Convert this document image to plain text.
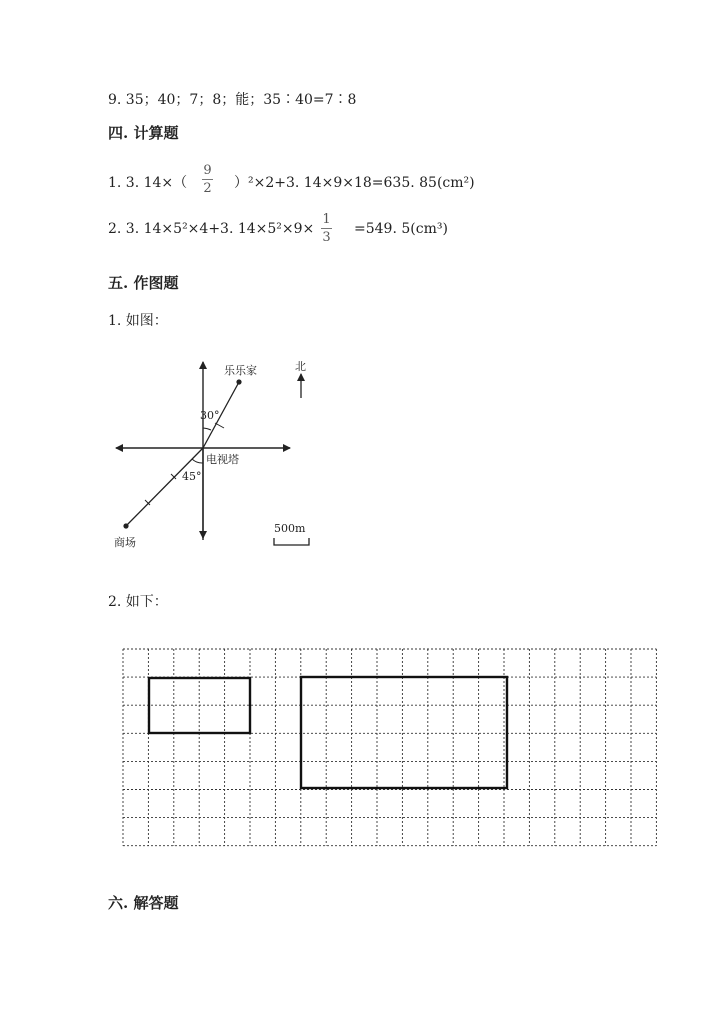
9. 35；40；7；8；能；35∶40=7∶8
四. 计算题
1. 3. 14×（
9
2 ）²×2+3. 14×9×18=635. 85(cm²)
2. 3. 14×5²×4+3. 14×5²×9×
1
3
=549. 5(cm³)
五. 作图题
1. 如图：
乐乐家
30°
电视塔
45°
商场
北
500m
2. 如下：
六. 解答题
